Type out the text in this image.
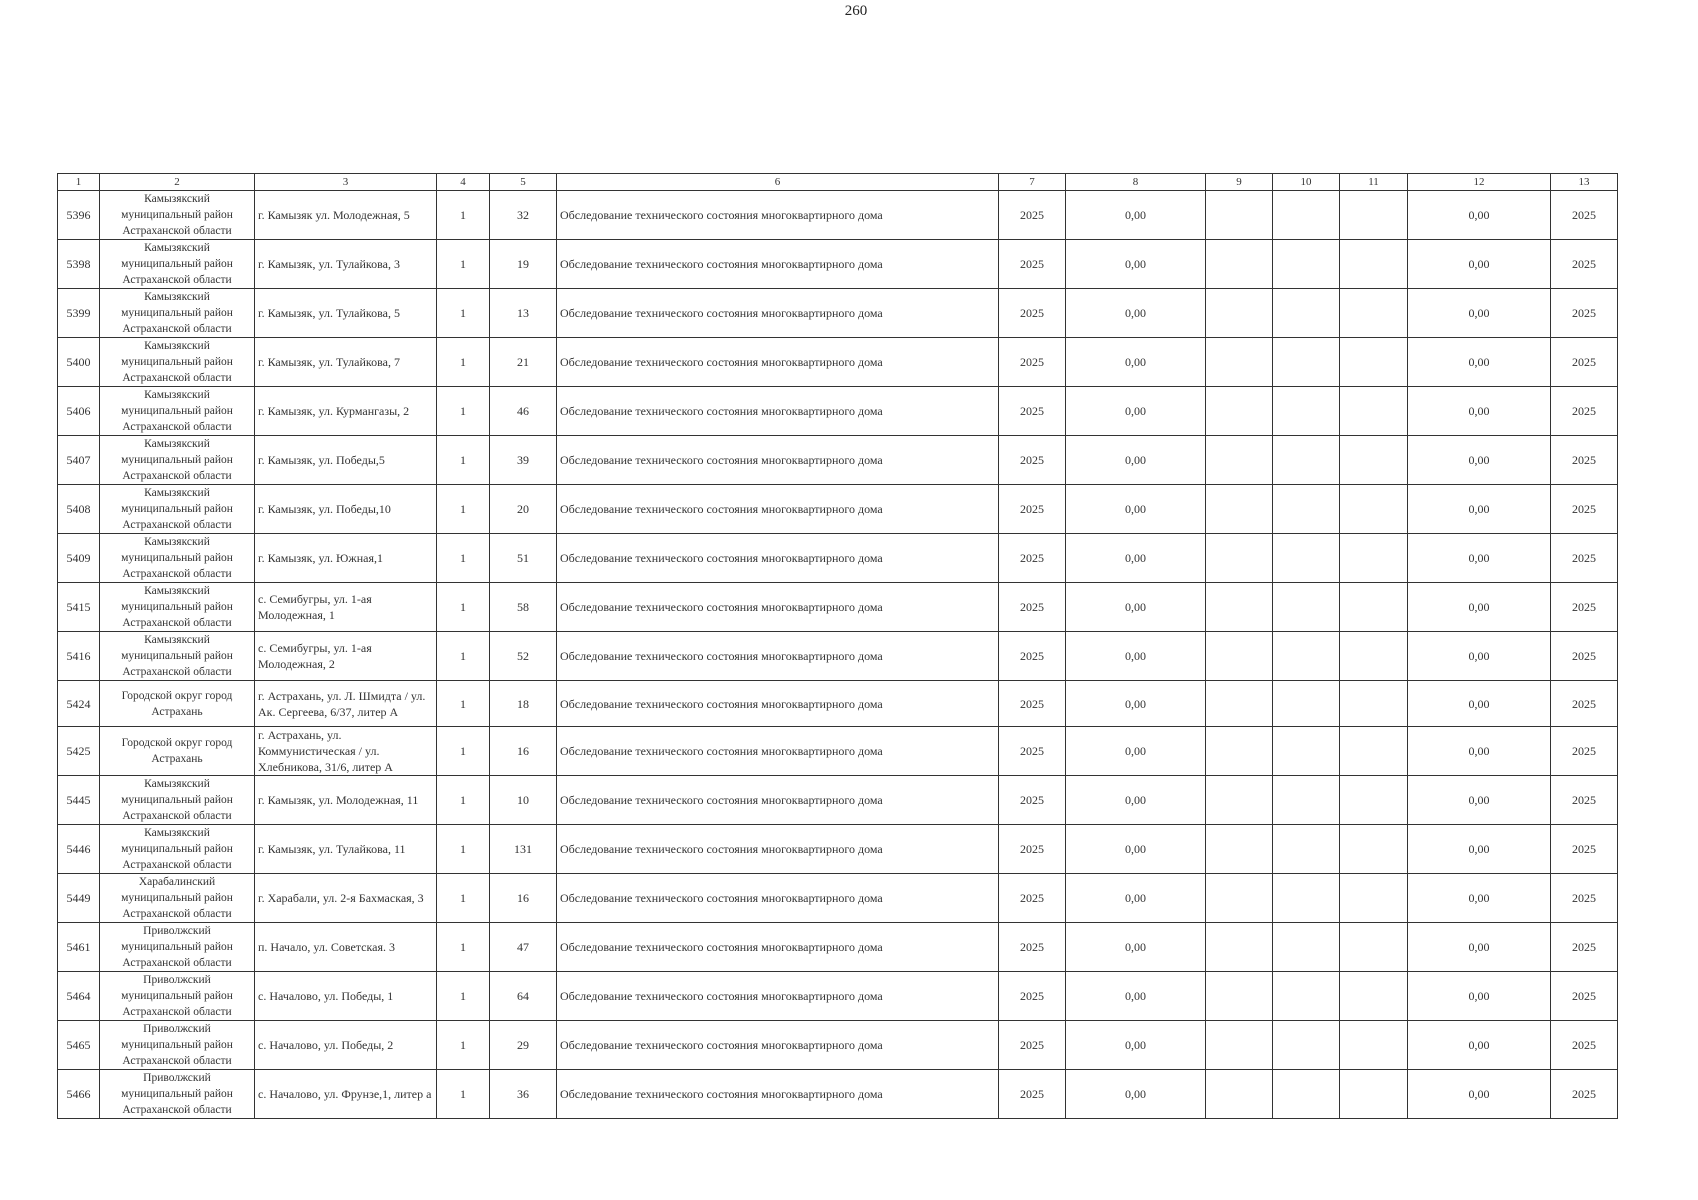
260
1	2	3	4	5	6	7	8	9	10	11	12	13
5396	Камызякский муниципальный район Астраханской области	г. Камызяк ул. Молодежная, 5	1	32	Обследование технического состояния многоквартирного дома	2025	0,00				0,00	2025
5398	Камызякский муниципальный район Астраханской области	г. Камызяк, ул. Тулайкова, 3	1	19	Обследование технического состояния многоквартирного дома	2025	0,00				0,00	2025
5399	Камызякский муниципальный район Астраханской области	г. Камызяк, ул. Тулайкова, 5	1	13	Обследование технического состояния многоквартирного дома	2025	0,00				0,00	2025
5400	Камызякский муниципальный район Астраханской области	г. Камызяк, ул. Тулайкова, 7	1	21	Обследование технического состояния многоквартирного дома	2025	0,00				0,00	2025
5406	Камызякский муниципальный район Астраханской области	г. Камызяк, ул. Курмангазы, 2	1	46	Обследование технического состояния многоквартирного дома	2025	0,00				0,00	2025
5407	Камызякский муниципальный район Астраханской области	г. Камызяк, ул. Победы,5	1	39	Обследование технического состояния многоквартирного дома	2025	0,00				0,00	2025
5408	Камызякский муниципальный район Астраханской области	г. Камызяк, ул. Победы,10	1	20	Обследование технического состояния многоквартирного дома	2025	0,00				0,00	2025
5409	Камызякский муниципальный район Астраханской области	г. Камызяк, ул. Южная,1	1	51	Обследование технического состояния многоквартирного дома	2025	0,00				0,00	2025
5415	Камызякский муниципальный район Астраханской области	с. Семибугры, ул. 1-ая Молодежная, 1	1	58	Обследование технического состояния многоквартирного дома	2025	0,00				0,00	2025
5416	Камызякский муниципальный район Астраханской области	с. Семибугры, ул. 1-ая Молодежная, 2	1	52	Обследование технического состояния многоквартирного дома	2025	0,00				0,00	2025
5424	Городской округ город Астрахань	г. Астрахань, ул. Л. Шмидта / ул. Ак. Сергеева, 6/37, литер А	1	18	Обследование технического состояния многоквартирного дома	2025	0,00				0,00	2025
5425	Городской округ город Астрахань	г. Астрахань, ул. Коммунистическая / ул. Хлебникова, 31/6, литер А	1	16	Обследование технического состояния многоквартирного дома	2025	0,00				0,00	2025
5445	Камызякский муниципальный район Астраханской области	г. Камызяк, ул. Молодежная, 11	1	10	Обследование технического состояния многоквартирного дома	2025	0,00				0,00	2025
5446	Камызякский муниципальный район Астраханской области	г. Камызяк, ул. Тулайкова, 11	1	131	Обследование технического состояния многоквартирного дома	2025	0,00				0,00	2025
5449	Харабалинский муниципальный район Астраханской области	г. Харабали, ул. 2-я Бахмаская, 3	1	16	Обследование технического состояния многоквартирного дома	2025	0,00				0,00	2025
5461	Приволжский муниципальный район Астраханской области	п. Начало, ул. Советская. 3	1	47	Обследование технического состояния многоквартирного дома	2025	0,00				0,00	2025
5464	Приволжский муниципальный район Астраханской области	с. Началово, ул. Победы, 1	1	64	Обследование технического состояния многоквартирного дома	2025	0,00				0,00	2025
5465	Приволжский муниципальный район Астраханской области	с. Началово, ул. Победы, 2	1	29	Обследование технического состояния многоквартирного дома	2025	0,00				0,00	2025
5466	Приволжский муниципальный район Астраханской области	с. Началово, ул. Фрунзе,1, литер а	1	36	Обследование технического состояния многоквартирного дома	2025	0,00				0,00	2025
